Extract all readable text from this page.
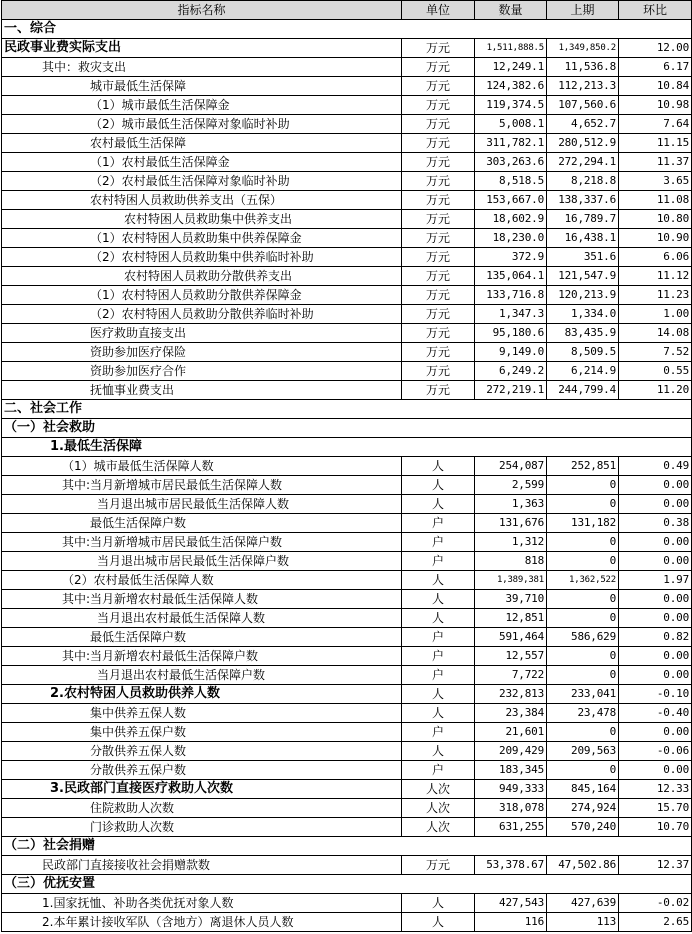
指标名称	单位	数量	上期	环比
一、综合				
民政事业费实际支出	万元	1,511,888.5	1,349,850.2	12.00
其中：救灾支出	万元	12,249.1	11,536.8	6.17
城市最低生活保障	万元	124,382.6	112,213.3	10.84
（1）城市最低生活保障金	万元	119,374.5	107,560.6	10.98
（2）城市最低生活保障对象临时补助	万元	5,008.1	4,652.7	7.64
农村最低生活保障	万元	311,782.1	280,512.9	11.15
（1）农村最低生活保障金	万元	303,263.6	272,294.1	11.37
（2）农村最低生活保障对象临时补助	万元	8,518.5	8,218.8	3.65
农村特困人员救助供养支出（五保）	万元	153,667.0	138,337.6	11.08
农村特困人员救助集中供养支出	万元	18,602.9	16,789.7	10.80
（1）农村特困人员救助集中供养保障金	万元	18,230.0	16,438.1	10.90
（2）农村特困人员救助集中供养临时补助	万元	372.9	351.6	6.06
农村特困人员救助分散供养支出	万元	135,064.1	121,547.9	11.12
（1）农村特困人员救助分散供养保障金	万元	133,716.8	120,213.9	11.23
（2）农村特困人员救助分散供养临时补助	万元	1,347.3	1,334.0	1.00
医疗救助直接支出	万元	95,180.6	83,435.9	14.08
资助参加医疗保险	万元	9,149.0	8,509.5	7.52
资助参加医疗合作	万元	6,249.2	6,214.9	0.55
抚恤事业费支出	万元	272,219.1	244,799.4	11.20
二、社会工作				
（一）社会救助				
1.最低生活保障				
（1）城市最低生活保障人数	人	254,087	252,851	0.49
其中:当月新增城市居民最低生活保障人数	人	2,599	0	0.00
当月退出城市居民最低生活保障人数	人	1,363	0	0.00
最低生活保障户数	户	131,676	131,182	0.38
其中:当月新增城市居民最低生活保障户数	户	1,312	0	0.00
当月退出城市居民最低生活保障户数	户	818	0	0.00
（2）农村最低生活保障人数	人	1,389,381	1,362,522	1.97
其中:当月新增农村最低生活保障人数	人	39,710	0	0.00
当月退出农村最低生活保障人数	人	12,851	0	0.00
最低生活保障户数	户	591,464	586,629	0.82
其中:当月新增农村最低生活保障户数	户	12,557	0	0.00
当月退出农村最低生活保障户数	户	7,722	0	0.00
2.农村特困人员救助供养人数	人	232,813	233,041	-0.10
集中供养五保人数	人	23,384	23,478	-0.40
集中供养五保户数	户	21,601	0	0.00
分散供养五保人数	人	209,429	209,563	-0.06
分散供养五保户数	户	183,345	0	0.00
3.民政部门直接医疗救助人次数	人次	949,333	845,164	12.33
住院救助人次数	人次	318,078	274,924	15.70
门诊救助人次数	人次	631,255	570,240	10.70
（二）社会捐赠				
民政部门直接接收社会捐赠款数	万元	53,378.67	47,502.86	12.37
（三）优抚安置				
1.国家抚恤、补助各类优抚对象人数	人	427,543	427,639	-0.02
2.本年累计接收军队（含地方）离退休人员人数	人	116	113	2.65
